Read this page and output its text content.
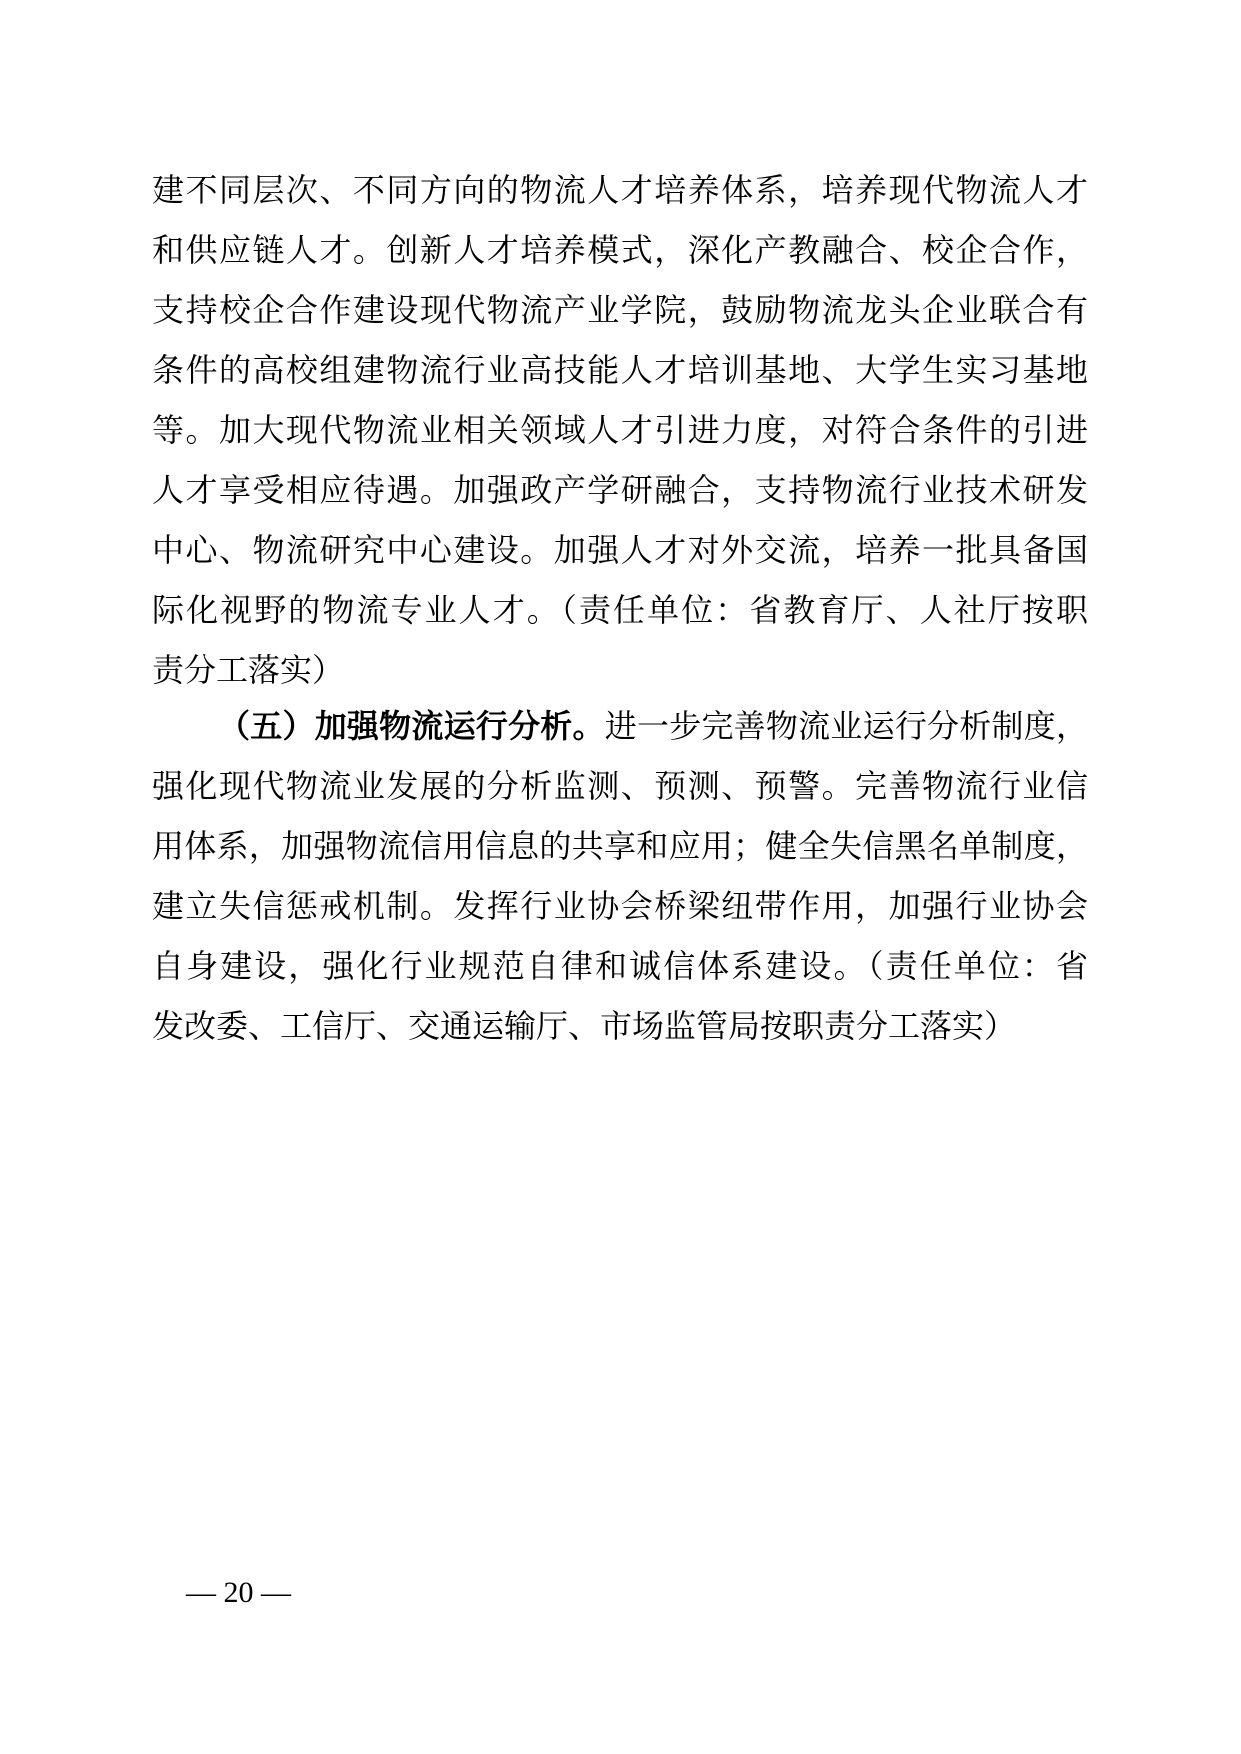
建不同层次、不同方向的物流人才培养体系，培养现代物流人才
和供应链人才。创新人才培养模式，深化产教融合、校企合作，
支持校企合作建设现代物流产业学院，鼓励物流龙头企业联合有
条件的高校组建物流行业高技能人才培训基地、大学生实习基地
等。加大现代物流业相关领域人才引进力度，对符合条件的引进
人才享受相应待遇。加强政产学研融合，支持物流行业技术研发
中心、物流研究中心建设。加强人才对外交流，培养一批具备国
际化视野的物流专业人才。（责任单位：省教育厅、人社厅按职
责分工落实）
（五）加强物流运行分析。进一步完善物流业运行分析制度，
强化现代物流业发展的分析监测、预测、预警。完善物流行业信
用体系，加强物流信用信息的共享和应用；健全失信黑名单制度，
建立失信惩戒机制。发挥行业协会桥梁纽带作用，加强行业协会
自身建设，强化行业规范自律和诚信体系建设。（责任单位：省
发改委、工信厅、交通运输厅、市场监管局按职责分工落实）
— 20 —
